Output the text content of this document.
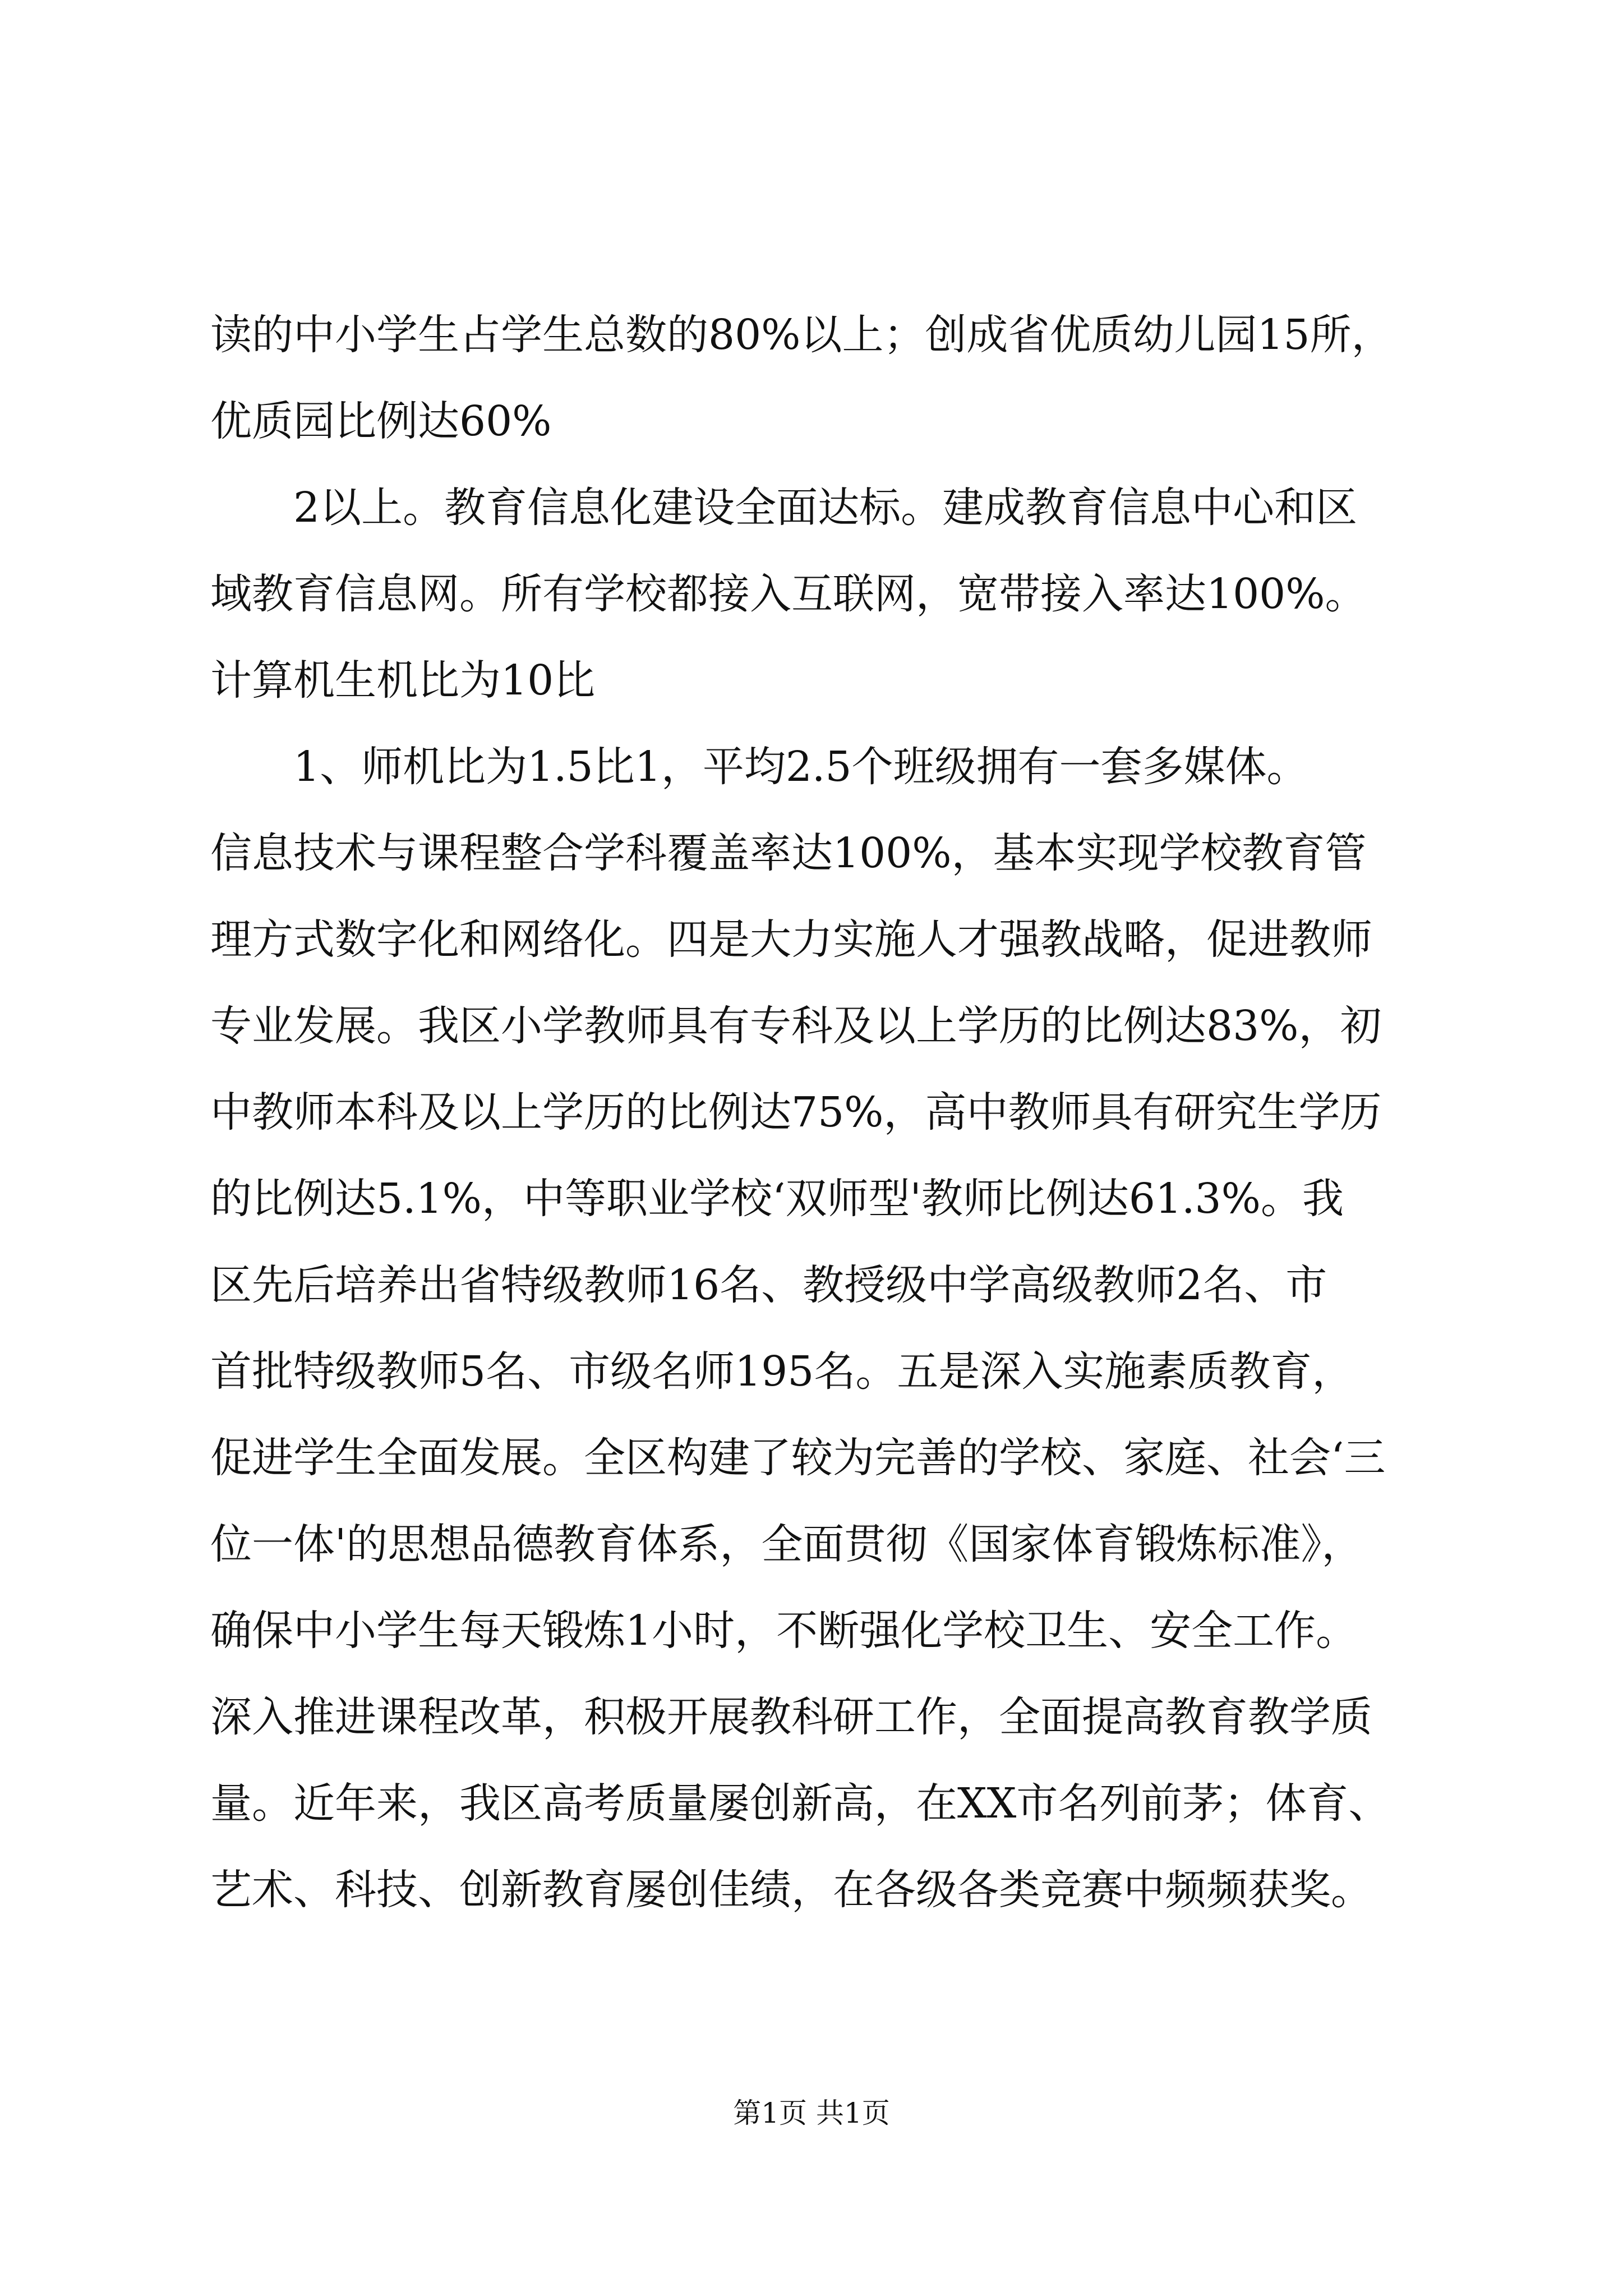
读的中小学生占学生总数的80%以上；创成省优质幼儿园15所，
优质园比例达60%
2以上。教育信息化建设全面达标。建成教育信息中心和区
域教育信息网。所有学校都接入互联网，宽带接入率达100%。
计算机生机比为10比
1、师机比为1.5比1，平均2.5个班级拥有一套多媒体。
信息技术与课程整合学科覆盖率达100%，基本实现学校教育管
理方式数字化和网络化。四是大力实施人才强教战略，促进教师
专业发展。我区小学教师具有专科及以上学历的比例达83%，初
中教师本科及以上学历的比例达75%，高中教师具有研究生学历
的比例达5.1%，中等职业学校‘双师型'教师比例达61.3%。我
区先后培养出省特级教师16名、教授级中学高级教师2名、市
首批特级教师5名、市级名师195名。五是深入实施素质教育，
促进学生全面发展。全区构建了较为完善的学校、家庭、社会‘三
位一体'的思想品德教育体系，全面贯彻《国家体育锻炼标准》，
确保中小学生每天锻炼1小时，不断强化学校卫生、安全工作。
深入推进课程改革，积极开展教科研工作，全面提高教育教学质
量。近年来，我区高考质量屡创新高，在XX市名列前茅；体育、
艺术、科技、创新教育屡创佳绩，在各级各类竞赛中频频获奖。
第1页 共1页
